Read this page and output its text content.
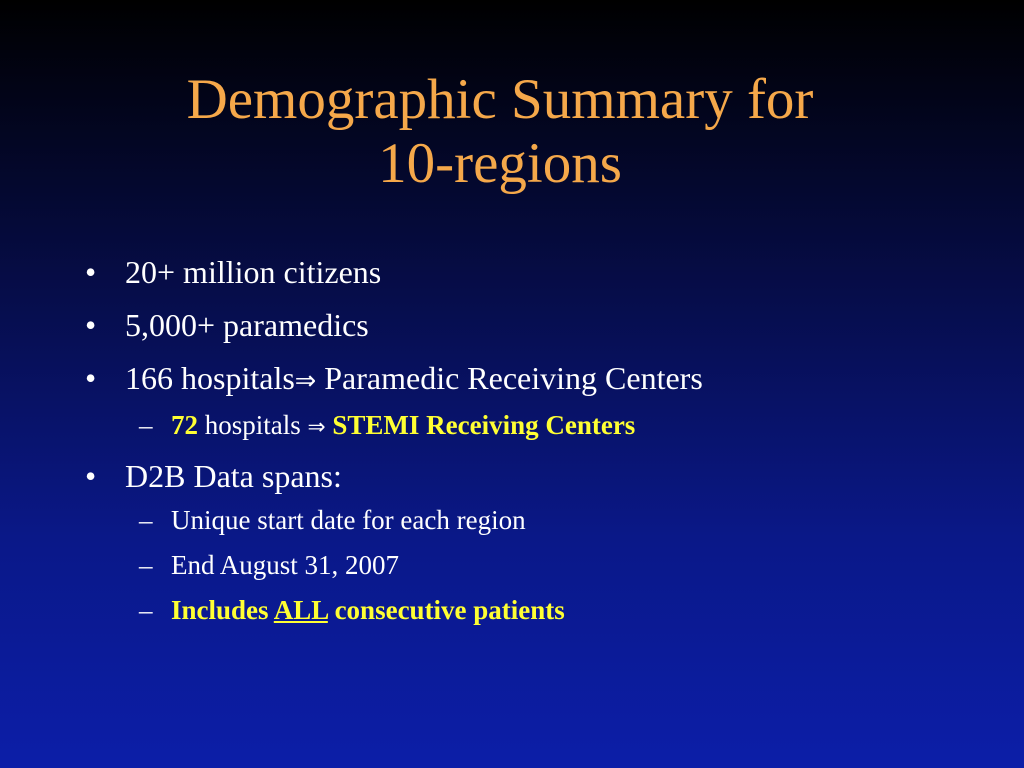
Demographic Summary for
10-regions
• 20+ million citizens
• 5,000+ paramedics
• 166 hospitals⇒ Paramedic Receiving Centers
– 72 hospitals ⇒ STEMI Receiving Centers
• D2B Data spans:
– Unique start date for each region
– End August 31, 2007
– Includes ALL consecutive patients
